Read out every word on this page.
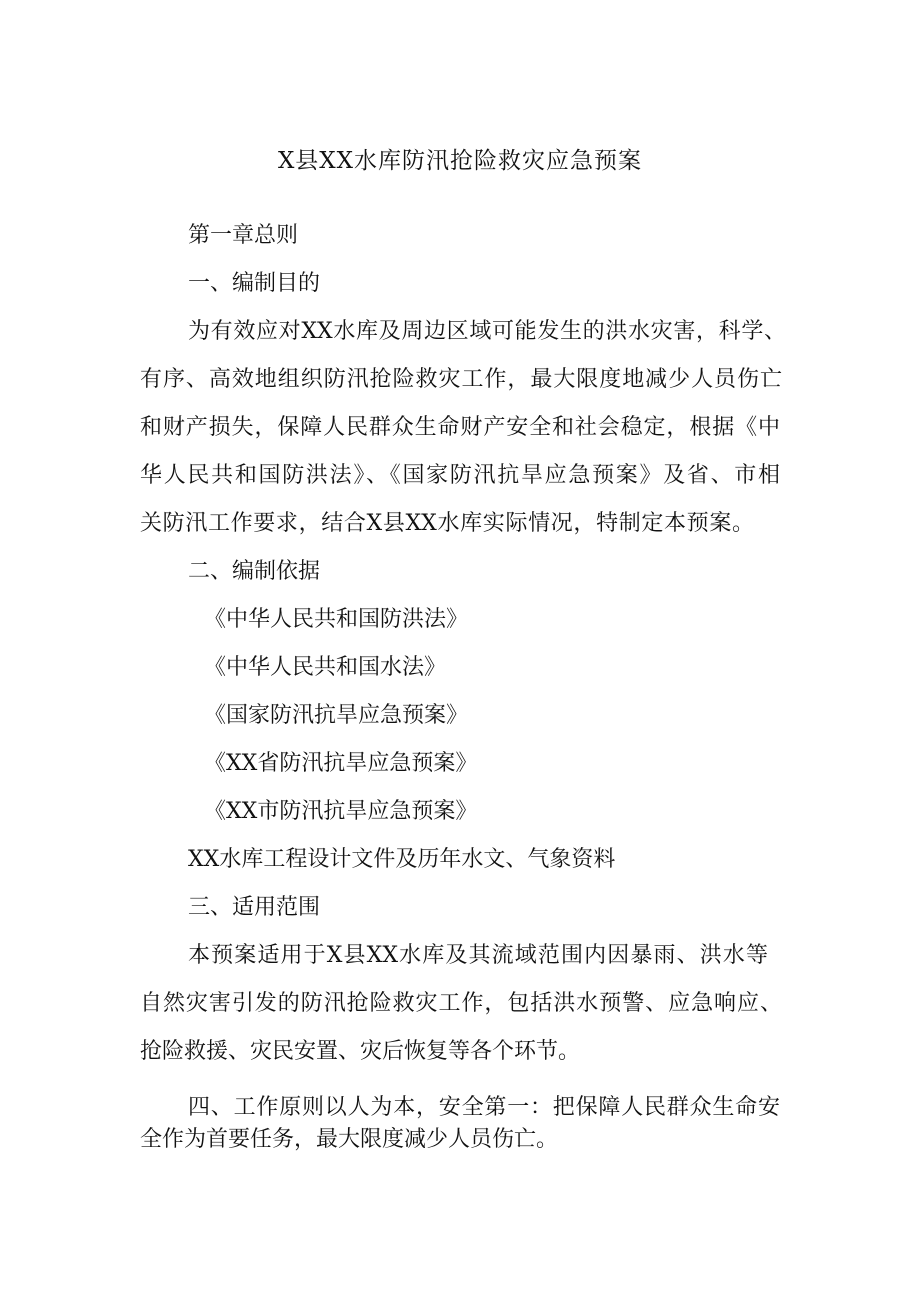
X县XX水库防汛抢险救灾应急预案

第一章总则

一、编制目的

为有效应对XX水库及周边区域可能发生的洪水灾害，科学、

有序、高效地组织防汛抢险救灾工作，最大限度地减少人员伤亡

和财产损失，保障人民群众生命财产安全和社会稳定，根据《中

华人民共和国防洪法》、《国家防汛抗旱应急预案》及省、市相

关防汛工作要求，结合X县XX水库实际情况，特制定本预案。

二、编制依据

《中华人民共和国防洪法》

《中华人民共和国水法》

《国家防汛抗旱应急预案》

《XX省防汛抗旱应急预案》

《XX市防汛抗旱应急预案》

XX水库工程设计文件及历年水文、气象资料

三、适用范围

本预案适用于X县XX水库及其流域范围内因暴雨、洪水等

自然灾害引发的防汛抢险救灾工作，包括洪水预警、应急响应、

抢险救援、灾民安置、灾后恢复等各个环节。

四、工作原则以人为本，安全第一：把保障人民群众生命安

全作为首要任务，最大限度减少人员伤亡。
